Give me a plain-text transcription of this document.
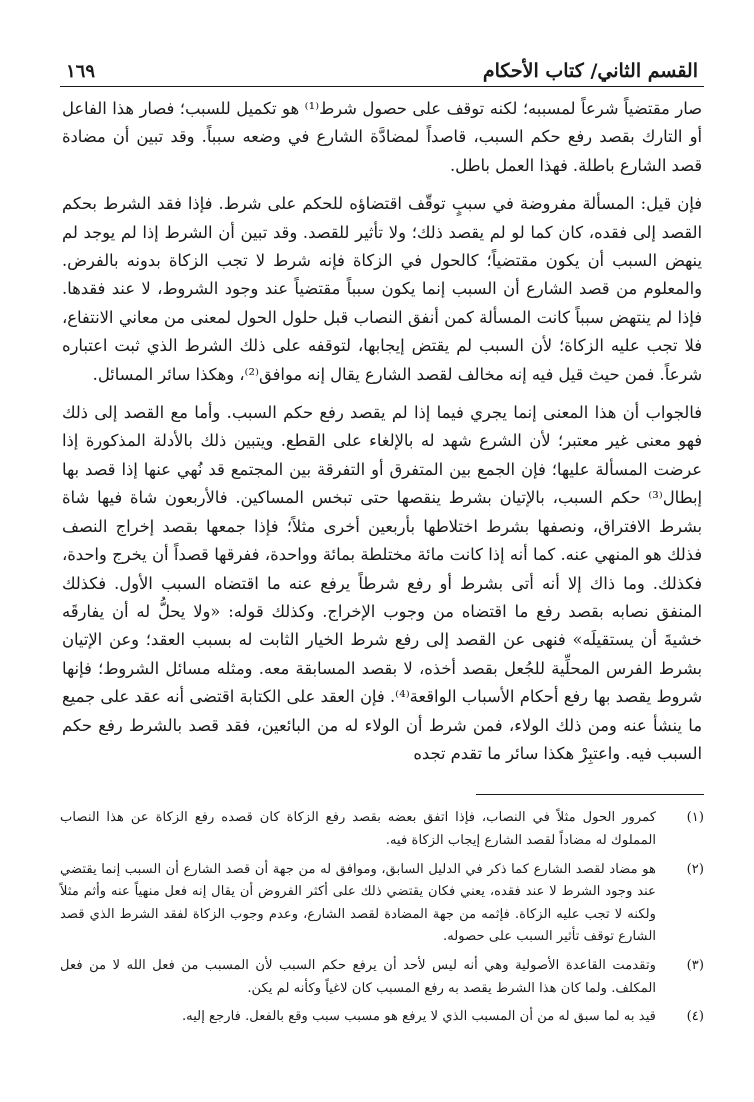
القسم الثاني/ كتاب الأحكام
١٦٩

صار مقتضياً شرعاً لمسببه؛ لكنه توقف على حصول شرط⁽¹⁾ هو تكميل للسبب؛ فصار هذا الفاعل أو التارك بقصد رفع حكم السبب، قاصداً لمضادَّة الشارع في وضعه سبباً. وقد تبين أن مضادة قصد الشارع باطلة. فهذا العمل باطل.

فإن قيل: المسألة مفروضة في سببٍ توقّف اقتضاؤه للحكم على شرط. فإذا فقد الشرط بحكم القصد إلى فقده، كان كما لو لم يقصد ذلك؛ ولا تأثير للقصد. وقد تبين أن الشرط إذا لم يوجد لم ينهض السبب أن يكون مقتضياً؛ كالحول في الزكاة فإنه شرط لا تجب الزكاة بدونه بالفرض. والمعلوم من قصد الشارع أن السبب إنما يكون سبباً مقتضياً عند وجود الشروط، لا عند فقدها. فإذا لم ينتهض سبباً كانت المسألة كمن أنفق النصاب قبل حلول الحول لمعنى من معاني الانتفاع، فلا تجب عليه الزكاة؛ لأن السبب لم يقتض إيجابها، لتوقفه على ذلك الشرط الذي ثبت اعتباره شرعاً. فمن حيث قيل فيه إنه مخالف لقصد الشارع يقال إنه موافق⁽²⁾، وهكذا سائر المسائل.

فالجواب أن هذا المعنى إنما يجري فيما إذا لم يقصد رفع حكم السبب. وأما مع القصد إلى ذلك فهو معنى غير معتبر؛ لأن الشرع شهد له بالإلغاء على القطع. ويتبين ذلك بالأدلة المذكورة إذا عرضت المسألة عليها؛ فإن الجمع بين المتفرق أو التفرقة بين المجتمع قد نُهي عنها إذا قصد بها إبطال⁽³⁾ حكم السبب، بالإتيان بشرط ينقصها حتى تبخس المساكين. فالأربعون شاة فيها شاة بشرط الافتراق، ونصفها بشرط اختلاطها بأربعين أخرى مثلاً؛ فإذا جمعها بقصد إخراج النصف فذلك هو المنهي عنه. كما أنه إذا كانت مائة مختلطة بمائة وواحدة، ففرقها قصداً أن يخرج واحدة، فكذلك. وما ذاك إلا أنه أتى بشرط أو رفع شرطاً يرفع عنه ما اقتضاه السبب الأول. فكذلك المنفق نصابه بقصد رفع ما اقتضاه من وجوب الإخراج. وكذلك قوله: «ولا يحلُّ له أن يفارقَه خشيةَ أن يستقيلَه» فنهى عن القصد إلى رفع شرط الخيار الثابت له بسبب العقد؛ وعن الإتيان بشرط الفرس المحلِّية للجُعل بقصد أخذه، لا بقصد المسابقة معه. ومثله مسائل الشروط؛ فإنها شروط يقصد بها رفع أحكام الأسباب الواقعة⁽⁴⁾. فإن العقد على الكتابة اقتضى أنه عقد على جميع ما ينشأ عنه ومن ذلك الولاء، فمن شرط أن الولاء له من البائعين، فقد قصد بالشرط رفع حكم السبب فيه. واعتبِرْ هكذا سائر ما تقدم تجده

(١)
كمرور الحول مثلاً في النصاب، فإذا اتفق بعضه بقصد رفع الزكاة كان قصده رفع الزكاة عن هذا النصاب المملوك له مضاداً لقصد الشارع إيجاب الزكاة فيه.
(٢)
هو مضاد لقصد الشارع كما ذكر في الدليل السابق، وموافق له من جهة أن قصد الشارع أن السبب إنما يقتضي عند وجود الشرط لا عند فقده، يعني فكان يقتضي ذلك على أكثر الفروض أن يقال إنه فعل منهياً عنه وأثم مثلاً ولكنه لا تجب عليه الزكاة. فإثمه من جهة المضادة لقصد الشارع، وعدم وجوب الزكاة لفقد الشرط الذي قصد الشارع توقف تأثير السبب على حصوله.
(٣)
وتقدمت القاعدة الأصولية وهي أنه ليس لأحد أن يرفع حكم السبب لأن المسبب من فعل الله لا من فعل المكلف. ولما كان هذا الشرط يقصد به رفع المسبب كان لاغياً وكأنه لم يكن.
(٤)
قيد به لما سبق له من أن المسبب الذي لا يرفع هو مسبب سبب وقع بالفعل. فارجع إليه.
